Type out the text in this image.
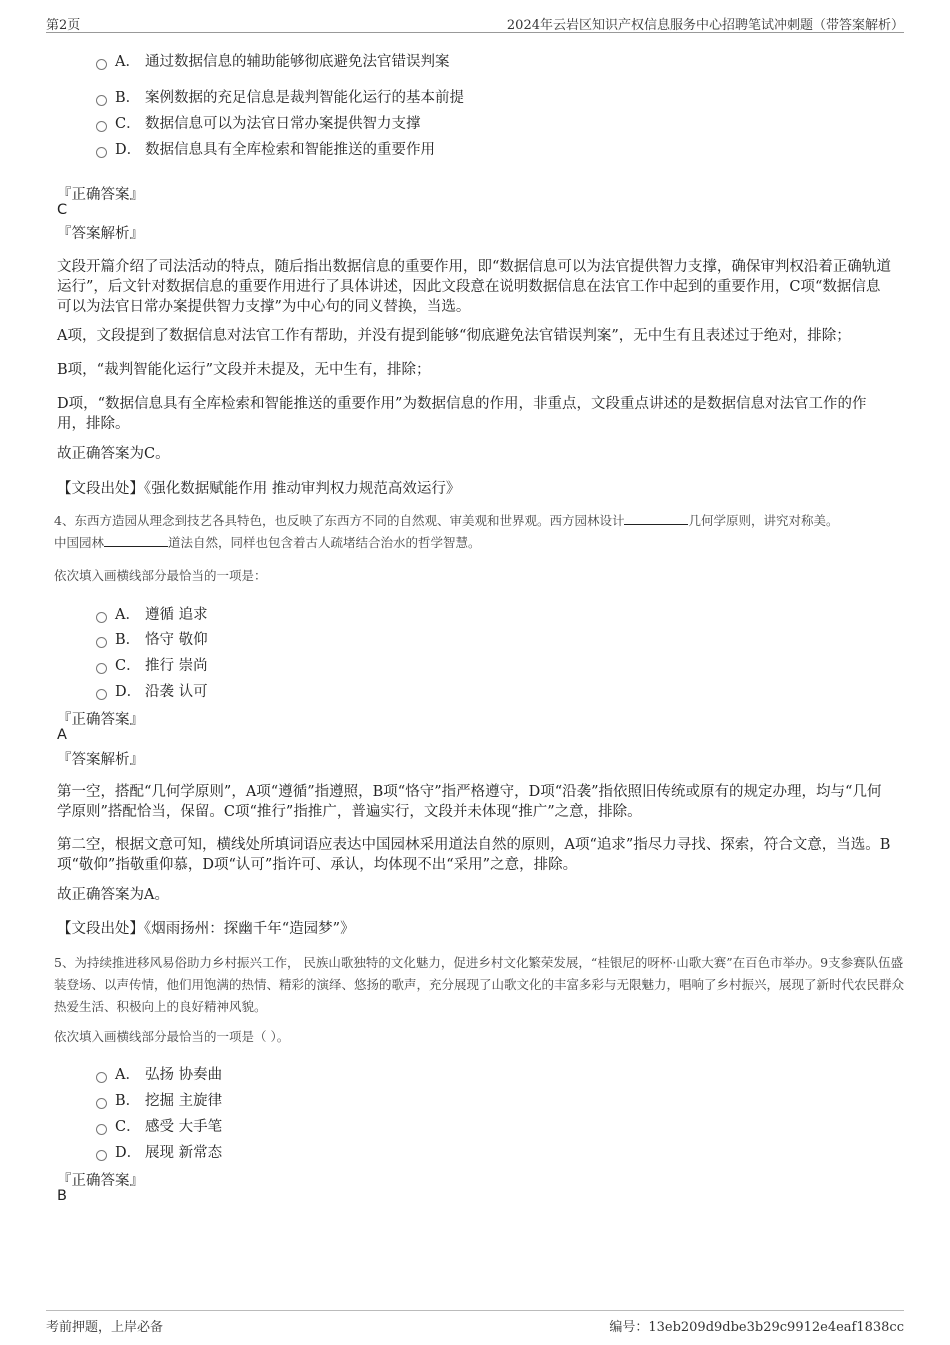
第2页	2024年云岩区知识产权信息服务中心招聘笔试冲刺题（带答案解析）
A． 通过数据信息的辅助能够彻底避免法官错误判案
B． 案例数据的充足信息是裁判智能化运行的基本前提
C． 数据信息可以为法官日常办案提供智力支撑
D． 数据信息具有全库检索和智能推送的重要作用
『正确答案』
C
『答案解析』
文段开篇介绍了司法活动的特点，随后指出数据信息的重要作用，即“数据信息可以为法官提供智力支撑，确保审判权沿着正确轨道运行”，后文针对数据信息的重要作用进行了具体讲述，因此文段意在说明数据信息在法官工作中起到的重要作用，C项“数据信息可以为法官日常办案提供智力支撑”为中心句的同义替换，当选。
A项，文段提到了数据信息对法官工作有帮助，并没有提到能够“彻底避免法官错误判案”，无中生有且表述过于绝对，排除；
B项，“裁判智能化运行”文段并未提及，无中生有，排除；
D项，“数据信息具有全库检索和智能推送的重要作用”为数据信息的作用，非重点，文段重点讲述的是数据信息对法官工作的作用，排除。
故正确答案为C。
【文段出处】《强化数据赋能作用 推动审判权力规范高效运行》
4、东西方造园从理念到技艺各具特色，也反映了东西方不同的自然观、审美观和世界观。西方园林设计	几何学原则，讲究对称美。
中国园林	道法自然，同样也包含着古人疏堵结合治水的哲学智慧。
依次填入画横线部分最恰当的一项是：
A． 遵循 追求
B． 恪守 敬仰
C． 推行 崇尚
D． 沿袭 认可
『正确答案』
A
『答案解析』
第一空，搭配“几何学原则”，A项“遵循”指遵照，B项“恪守”指严格遵守，D项“沿袭”指依照旧传统或原有的规定办理，均与“几何学原则”搭配恰当，保留。C项“推行”指推广，普遍实行，文段并未体现“推广”之意，排除。
第二空，根据文意可知，横线处所填词语应表达中国园林采用道法自然的原则，A项“追求”指尽力寻找、探索，符合文意，当选。B项“敬仰”指敬重仰慕，D项“认可”指许可、承认，均体现不出“采用”之意，排除。
故正确答案为A。
【文段出处】《烟雨扬州：探幽千年“造园梦”》
5、为持续推进移风易俗助力乡村振兴工作， 民族山歌独特的文化魅力，促进乡村文化繁荣发展，“桂银尼的呀杯·山歌大赛”在百色市举办。9支参赛队伍盛装登场、以声传情，他们用饱满的热情、精彩的演绎、悠扬的歌声，充分展现了山歌文化的丰富多彩与无限魅力，唱响了乡村振兴，展现了新时代农民群众热爱生活、积极向上的良好精神风貌。
依次填入画横线部分最恰当的一项是（ ）。
A． 弘扬 协奏曲
B． 挖掘 主旋律
C． 感受 大手笔
D． 展现 新常态
『正确答案』
B
考前押题，上岸必备	编号：13eb209d9dbe3b29c9912e4eaf1838cc
